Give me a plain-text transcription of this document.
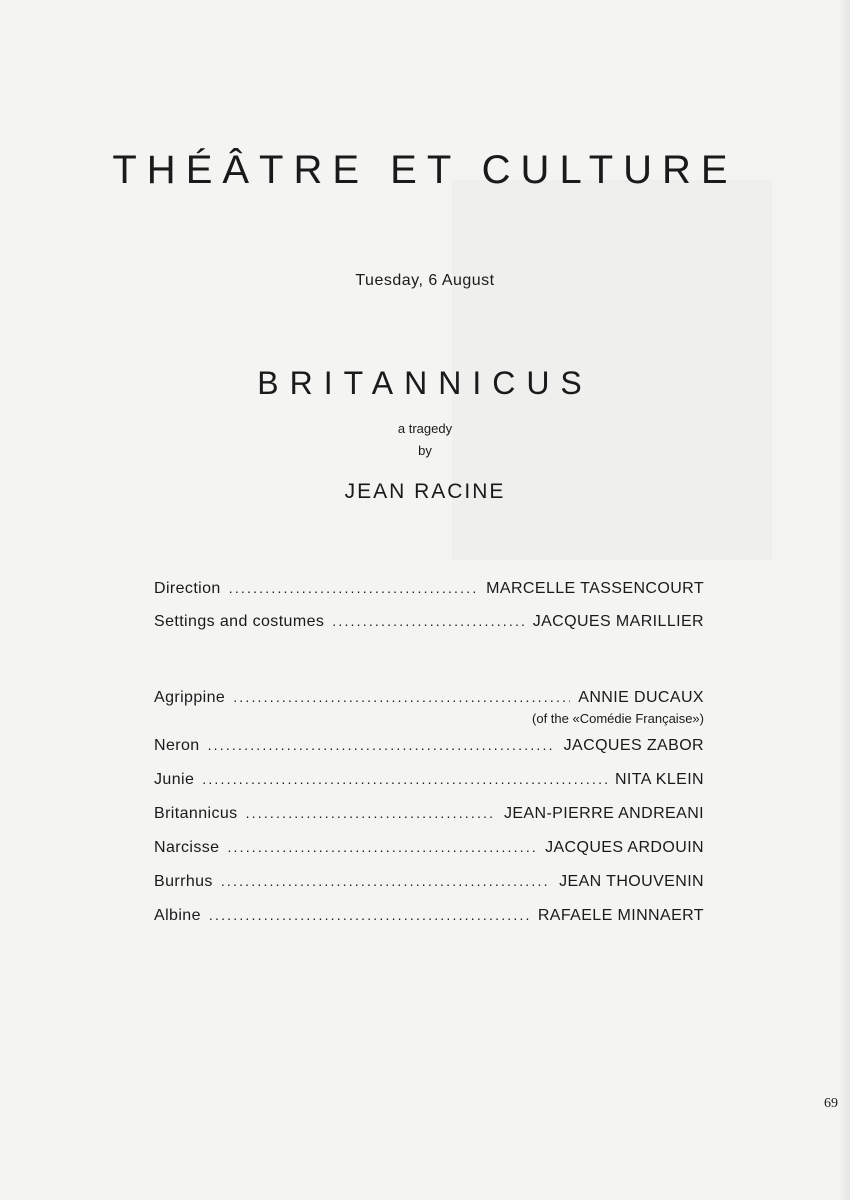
THÉÂTRE ET CULTURE
Tuesday, 6 August
BRITANNICUS
a tragedy
by
JEAN RACINE
Direction .....	MARCELLE TASSENCOURT
Settings and costumes .....	JACQUES MARILLIER
Agrippine .....	ANNIE DUCAUX
(of the «Comédie Française»)
Neron .....	JACQUES ZABOR
Junie .....	NITA KLEIN
Britannicus .....	JEAN-PIERRE ANDREANI
Narcisse .....	JACQUES ARDOUIN
Burrhus .....	JEAN THOUVENIN
Albine .....	RAFAELE MINNAERT
69
